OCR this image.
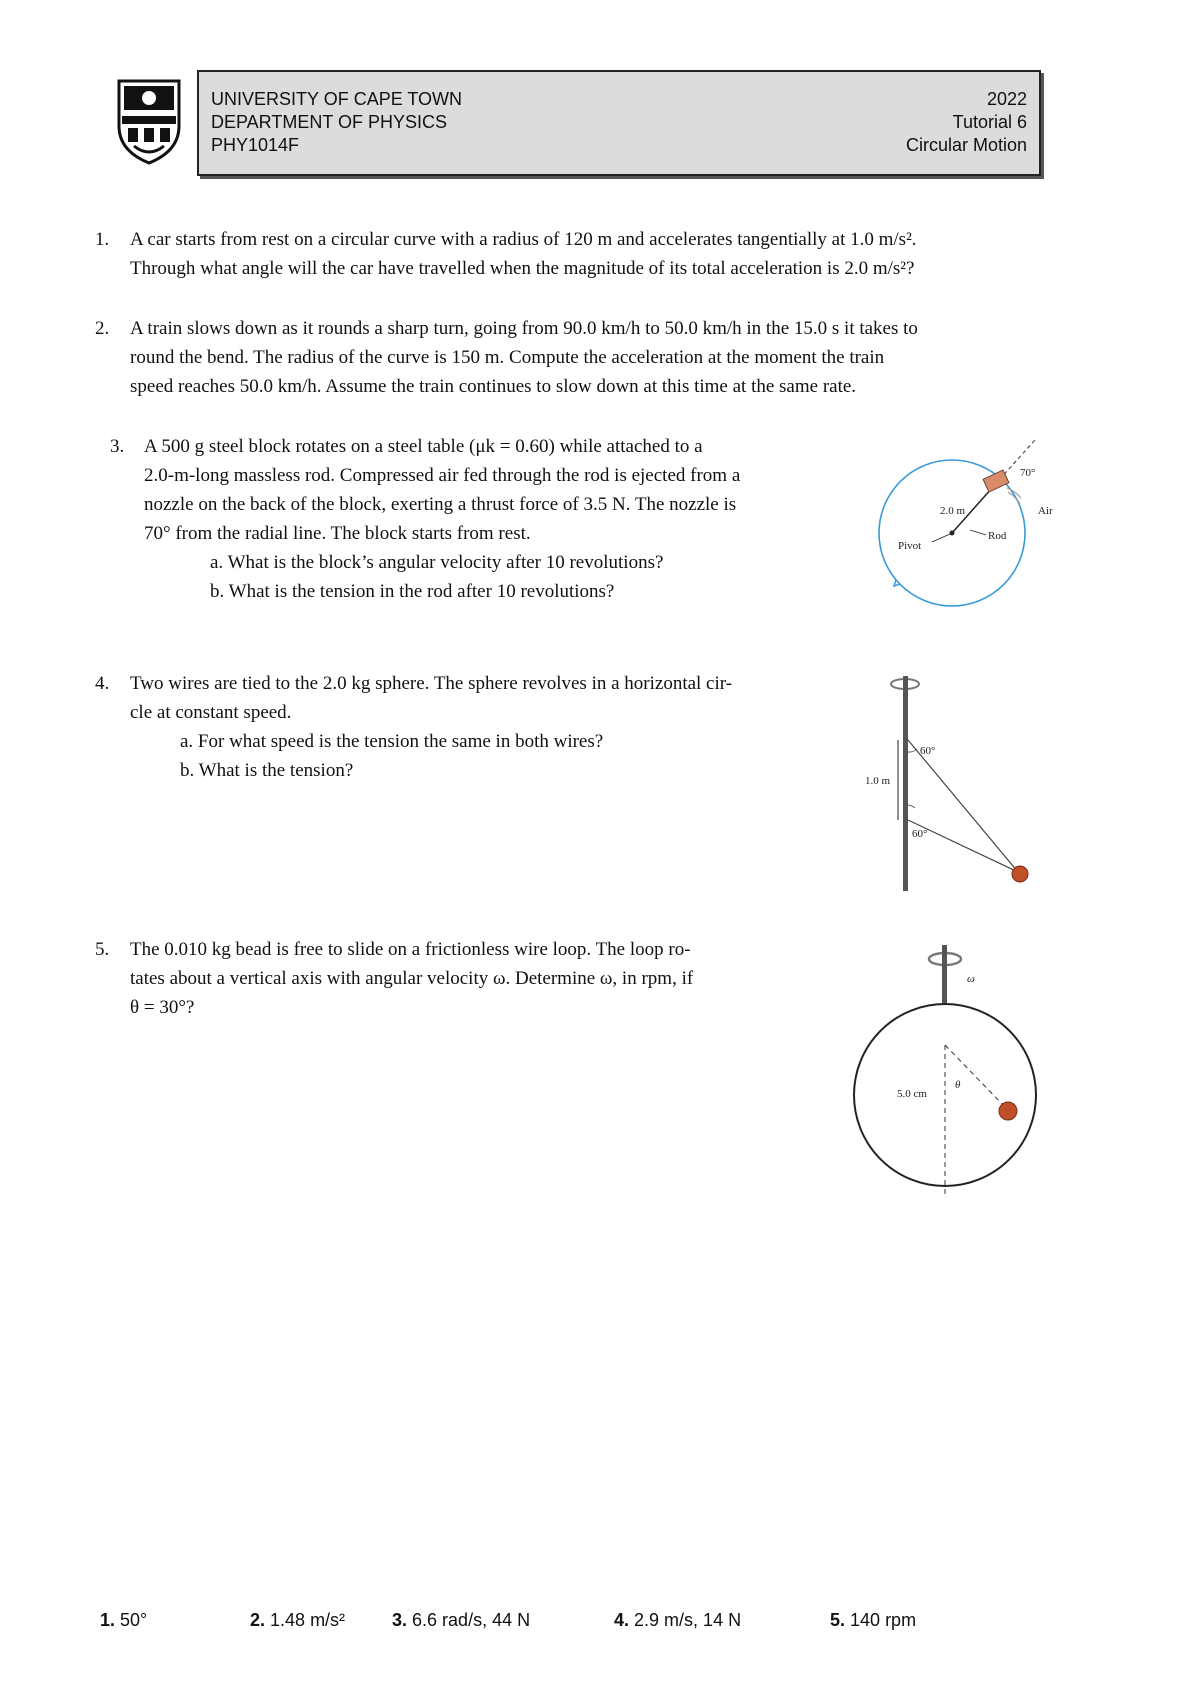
UNIVERSITY OF CAPE TOWN
DEPARTMENT OF PHYSICS
PHY1014F
2022
Tutorial 6
Circular Motion
1. A car starts from rest on a circular curve with a radius of 120 m and accelerates tangentially at 1.0 m/s².
Through what angle will the car have travelled when the magnitude of its total acceleration is 2.0 m/s²?
2. A train slows down as it rounds a sharp turn, going from 90.0 km/h to 50.0 km/h in the 15.0 s it takes to
round the bend. The radius of the curve is 150 m. Compute the acceleration at the moment the train
speed reaches 50.0 km/h. Assume the train continues to slow down at this time at the same rate.
3. A 500 g steel block rotates on a steel table (μk = 0.60) while attached to a
2.0-m-long massless rod. Compressed air fed through the rod is ejected from a
nozzle on the back of the block, exerting a thrust force of 3.5 N. The nozzle is
70° from the radial line. The block starts from rest.
a. What is the block’s angular velocity after 10 revolutions?
b. What is the tension in the rod after 10 revolutions?
70°
2.0 m
Pivot
Rod
Air
4. Two wires are tied to the 2.0 kg sphere. The sphere revolves in a horizontal cir-
cle at constant speed.
a. For what speed is the tension the same in both wires?
b. What is the tension?	1.0 m
60°
60°
5. The 0.010 kg bead is free to slide on a frictionless wire loop. The loop ro-
tates about a vertical axis with angular velocity ω. Determine ω, in rpm, if
θ = 30°?
ω
5.0 cm
θ
1. 50°	2. 1.48 m/s²	3. 6.6 rad/s, 44 N	4. 2.9 m/s, 14 N	5. 140 rpm
